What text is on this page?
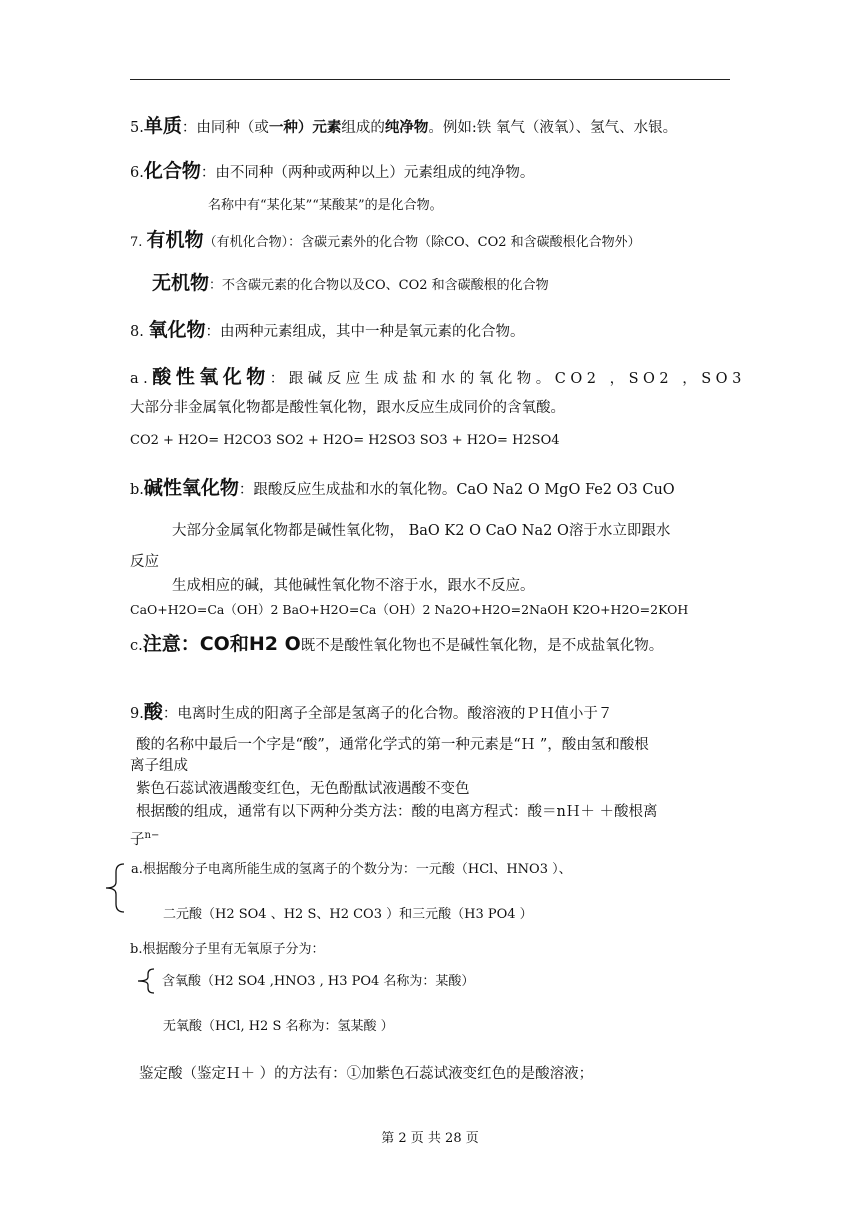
5.单质：由同种（或一种）元素组成的纯净物。例如:铁 氧气（液氧）、氢气、水银。
6.化合物：由不同种（两种或两种以上）元素组成的纯净物。
名称中有“某化某”“某酸某”的是化合物。
7. 有机物（有机化合物）：含碳元素外的化合物（除CO、CO2 和含碳酸根化合物外）
无机物：不含碳元素的化合物以及CO、CO2 和含碳酸根的化合物
8. 氧化物：由两种元素组成，其中一种是氧元素的化合物。
a.酸性氧化物：跟碱反应生成盐和水的氧化物。CO2 ，SO2 ，SO3
大部分非金属氧化物都是酸性氧化物，跟水反应生成同价的含氧酸。
CO2 + H2O= H2CO3 SO2 + H2O= H2SO3 SO3 + H2O= H2SO4
b.碱性氧化物：跟酸反应生成盐和水的氧化物。CaO Na2 O MgO Fe2 O3 CuO
大部分金属氧化物都是碱性氧化物， BaO K2 O CaO Na2 O溶于水立即跟水
反应
生成相应的碱，其他碱性氧化物不溶于水，跟水不反应。
CaO+H2O=Ca（OH）2 BaO+H2O=Ca（OH）2 Na2O+H2O=2NaOH K2O+H2O=2KOH
c.注意：CO和H2 O既不是酸性氧化物也不是碱性氧化物，是不成盐氧化物。
9.酸：电离时生成的阳离子全部是氢离子的化合物。酸溶液的ＰＨ值小于７
酸的名称中最后一个字是“酸”，通常化学式的第一种元素是“Ｈ ”，酸由氢和酸根
离子组成
紫色石蕊试液遇酸变红色，无色酚酞试液遇酸不变色
根据酸的组成，通常有以下两种分类方法：酸的电离方程式：酸＝nＨ＋ ＋酸根离
子$^{n-}$
a.根据酸分子电离所能生成的氢离子的个数分为：一元酸（HCl、HNO3 ）、
二元酸（H2 SO4 、H2 S、H2 CO3 ）和三元酸（H3 PO4 ）
b.根据酸分子里有无氧原子分为：
含氧酸（H2 SO4 ,HNO3 , H3 PO4 名称为：某酸）
无氧酸（HCl, H2 S 名称为：氢某酸 ）
鉴定酸（鉴定Ｈ＋ ）的方法有：①加紫色石蕊试液变红色的是酸溶液；
第 2 页 共 28 页
